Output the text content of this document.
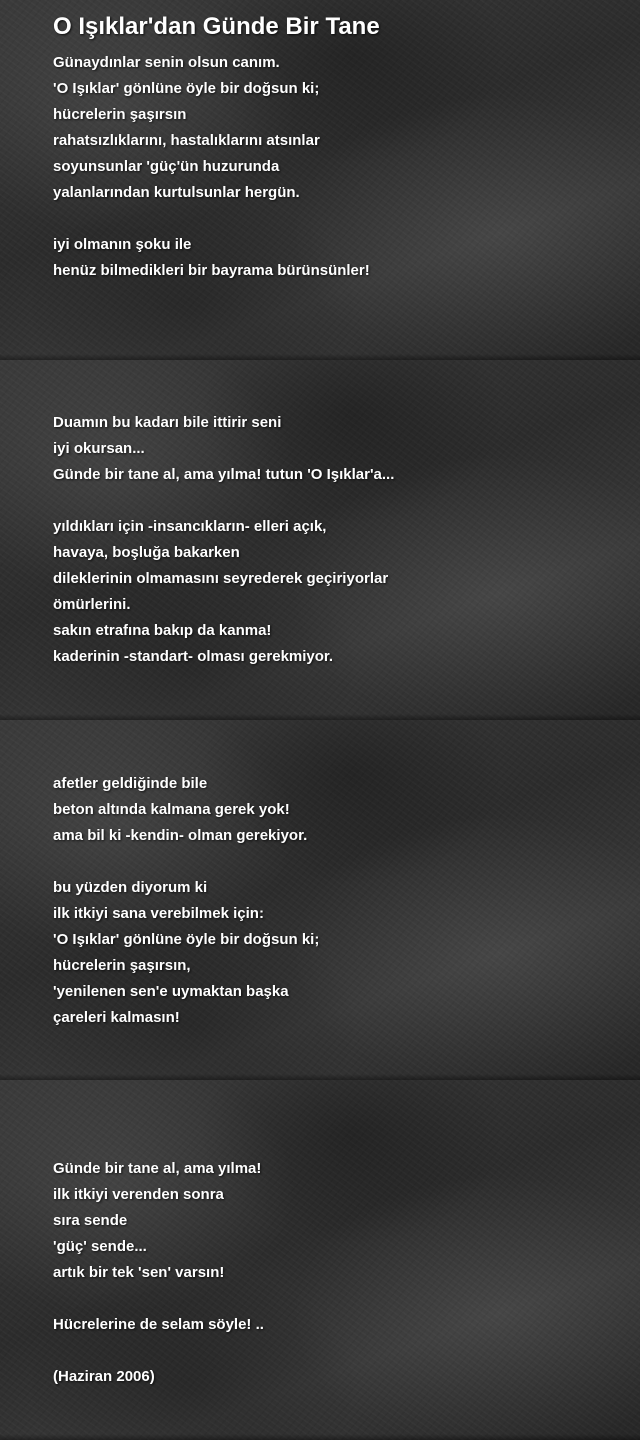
O Işıklar'dan Günde Bir Tane
Günaydınlar senin olsun canım.
'O Işıklar' gönlüne öyle bir doğsun ki;
hücrelerin şaşırsın
rahatsızlıklarını, hastalıklarını atsınlar
soyunsunlar 'güç'ün huzurunda
yalanlarından kurtulsunlar hergün.
iyi olmanın şoku ile
henüz bilmedikleri bir bayrama bürünsünler!
Duamın bu kadarı bile ittirir seni
iyi okursan...
Günde bir tane al, ama yılma! tutun 'O Işıklar'a...
yıldıkları için -insancıkların- elleri açık,
havaya, boşluğa bakarken
dileklerinin olmamasını seyrederek geçiriyorlar
ömürlerini.
sakın etrafına bakıp da kanma!
kaderinin -standart- olması gerekmiyor.
afetler geldiğinde bile
beton altında kalmana gerek yok!
ama bil ki -kendin- olman gerekiyor.
bu yüzden diyorum ki
ilk itkiyi sana verebilmek için:
'O Işıklar' gönlüne öyle bir doğsun ki;
hücrelerin şaşırsın,
'yenilenen sen'e uymaktan başka
çareleri kalmasın!
Günde bir tane al, ama yılma!
ilk itkiyi verenden sonra
sıra sende
'güç' sende...
artık bir tek 'sen' varsın!
Hücrelerine de selam söyle! ..
(Haziran 2006)
